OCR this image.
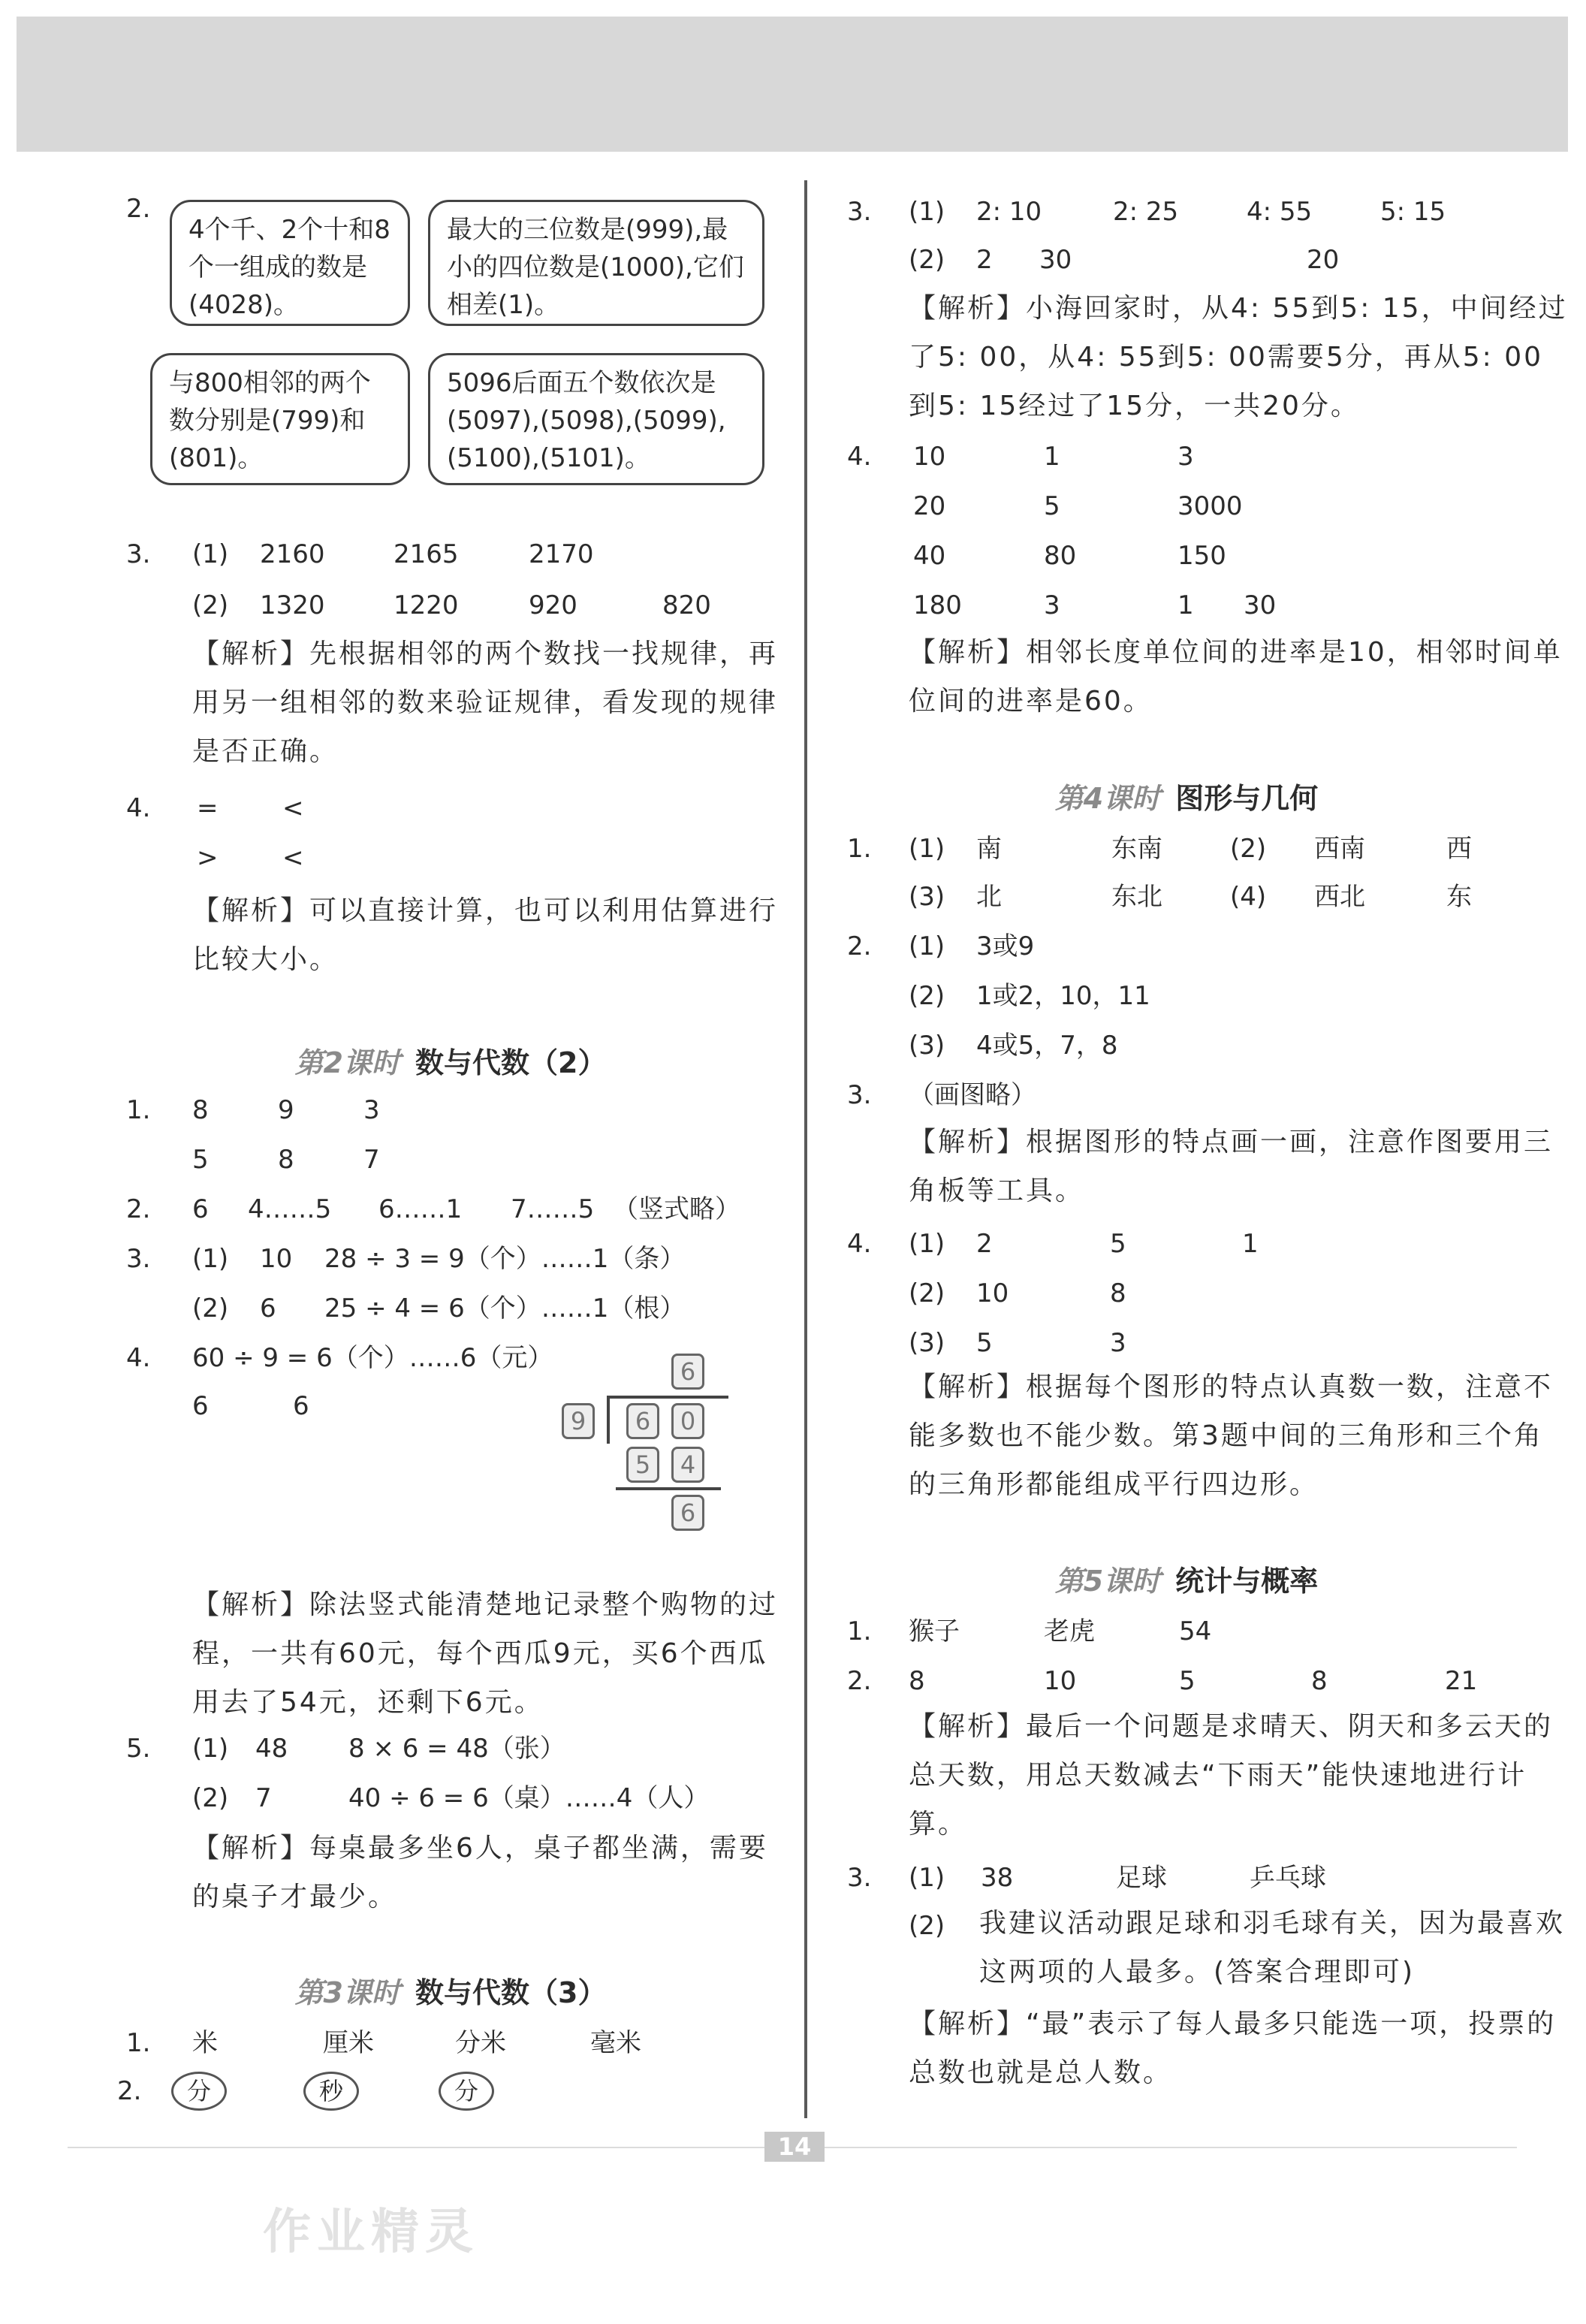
2.
4个千、2个十和8个一组成的数是(4028)。
最大的三位数是(999),最小的四位数是(1000),它们相差(1)。
与800相邻的两个数分别是(799)和(801)。
5096后面五个数依次是(5097),(5098),(5099),(5100),(5101)。
3. (1) 2160	2165	2170
(2) 1320	1220	920	820
【解析】先根据相邻的两个数找一找规律，再用另一组相邻的数来验证规律，看发现的规律是否正确。
4. =	<
>	<
【解析】可以直接计算，也可以利用估算进行比较大小。
第2课时 数与代数（2）
1. 8	9	3
5	8	7
2. 6 4……5 6……1 7……5 （竖式略）
3. (1) 10 28 ÷ 3 = 9（个）……1（条）
(2) 6 25 ÷ 4 = 6（个）……1（根）
4. 60 ÷ 9 = 6（个）……6（元）
6	6
6
9	6	0
5	4
6
【解析】除法竖式能清楚地记录整个购物的过程，一共有60元，每个西瓜9元，买6个西瓜用去了54元，还剩下6元。
5. (1) 48 8 × 6 = 48（张）
(2) 7	40 ÷ 6 = 6（桌）……4（人）
【解析】每桌最多坐6人，桌子都坐满，需要的桌子才最少。
第3课时 数与代数（3）
1. 米	厘米	分米	毫米
2.	分	秒	分
3. (1) 2: 10	2: 25	4: 55	5: 15
(2) 2 30	20
【解析】小海回家时，从4: 55到5: 15，中间经过了5: 00，从4: 55到5: 00需要5分，再从5: 00到5: 15经过了15分，一共20分。
4. 10	1	3
20	5	3000
40	80	150
180	3	1 30
【解析】相邻长度单位间的进率是10，相邻时间单位间的进率是60。
第4课时 图形与几何
1. (1) 南	东南	(2) 西南	西
(3) 北	东北	(4) 西北	东
2. (1) 3或9
(2) 1或2，10，11
(3) 4或5，7，8
3. （画图略）
【解析】根据图形的特点画一画，注意作图要用三角板等工具。
4. (1) 2	5	1
(2) 10	8
(3) 5	3
【解析】根据每个图形的特点认真数一数，注意不能多数也不能少数。第3题中间的三角形和三个角的三角形都能组成平行四边形。
第5课时 统计与概率
1. 猴子	老虎	54
2. 8	10	5	8	21
【解析】最后一个问题是求晴天、阴天和多云天的总天数，用总天数减去“下雨天”能快速地进行计算。
3. (1) 38	足球	乒乓球
(2) 我建议活动跟足球和羽毛球有关，因为最喜欢这两项的人最多。(答案合理即可)
【解析】“最”表示了每人最多只能选一项，投票的总数也就是总人数。
14
作业精灵
